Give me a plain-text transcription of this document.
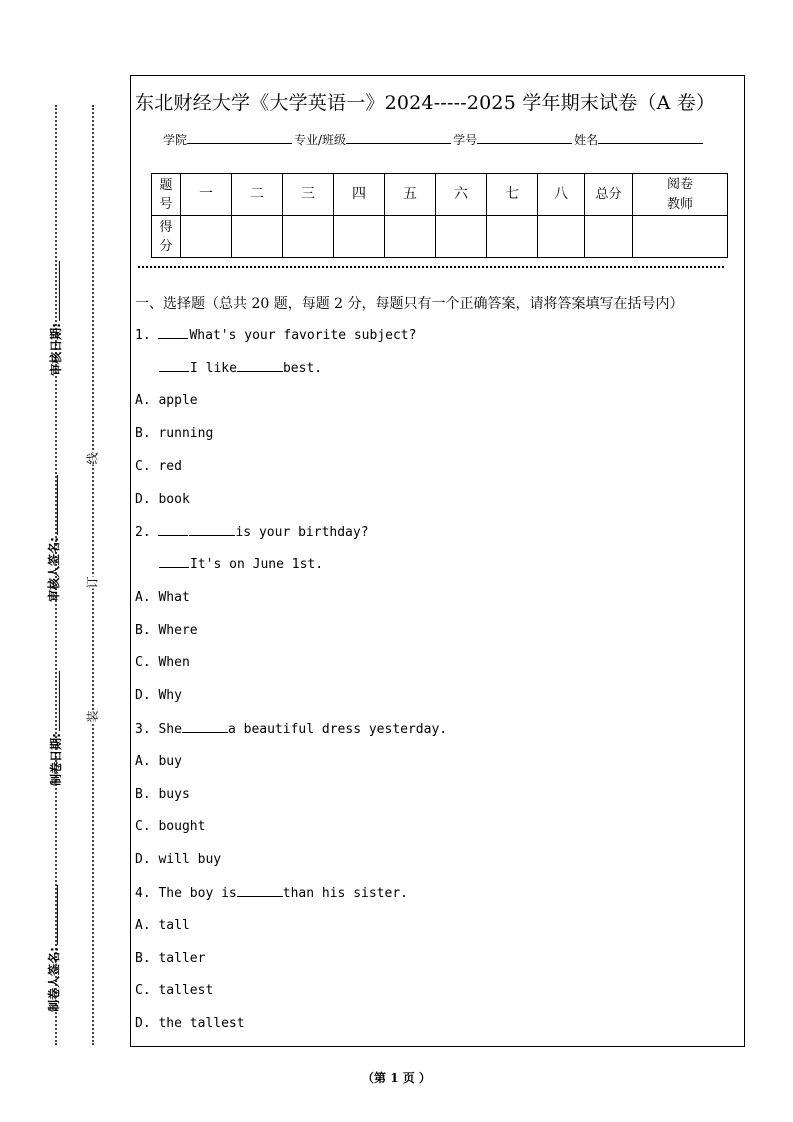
审核日期:
审核人签名:
制卷日期:
制卷人签名:
线
订
装
东北财经大学《大学英语一》2024-----2025 学年期末试卷（A 卷）
学院	专业/班级	学号	姓名
题号	一	二	三	四	五	六	七	八	总分	阅卷教师
得分										
一、选择题（总共 20 题，每题 2 分，每题只有一个正确答案，请将答案填写在括号内）
1.	What's your favorite subject?
I like	best.
A. apple
B. running
C. red
D. book
2.	is your birthday?
It's on June 1st.
A. What
B. Where
C. When
D. Why
3. She	a beautiful dress yesterday.
A. buy
B. buys
C. bought
D. will buy
4. The boy is	than his sister.
A. tall
B. taller
C. tallest
D. the tallest
（第 1 页 ）
